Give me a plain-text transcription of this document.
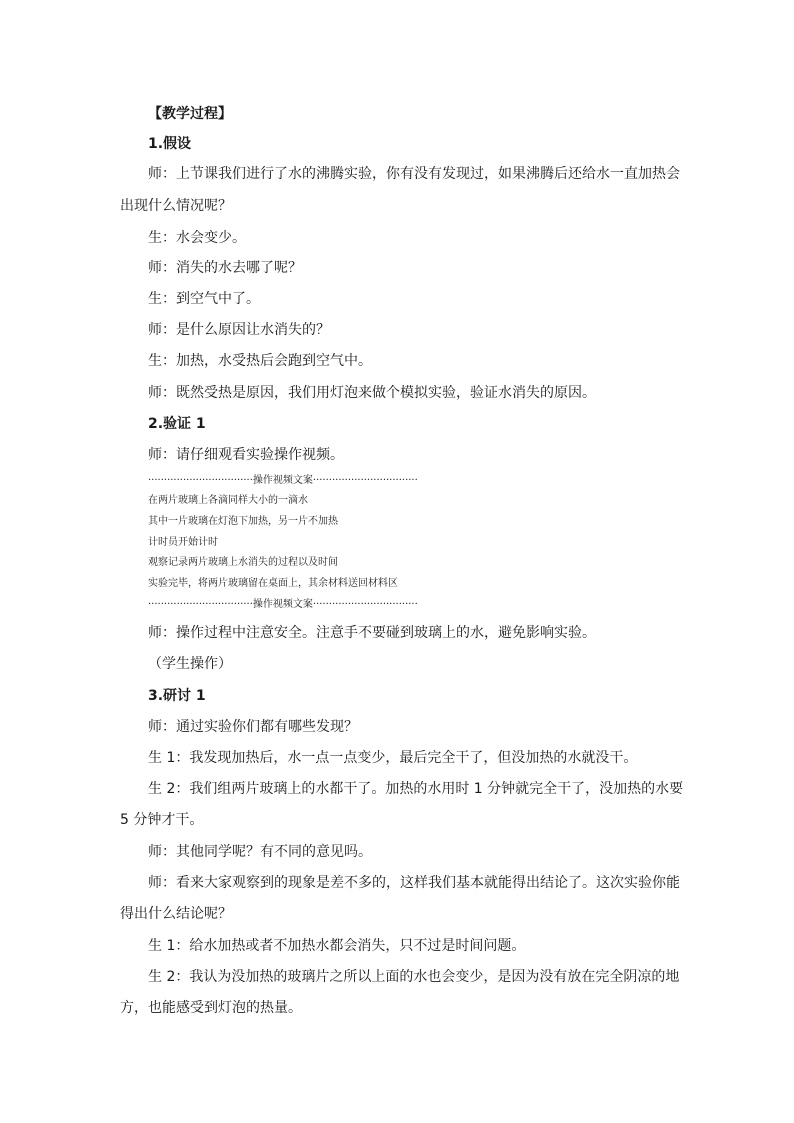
【教学过程】
1.假设
师：上节课我们进行了水的沸腾实验，你有没有发现过，如果沸腾后还给水一直加热会
出现什么情况呢？
生：水会变少。
师：消失的水去哪了呢？
生：到空气中了。
师：是什么原因让水消失的？
生：加热，水受热后会跑到空气中。
师：既然受热是原因，我们用灯泡来做个模拟实验，验证水消失的原因。
2.验证 1
师：请仔细观看实验操作视频。
·································操作视频文案·································
在两片玻璃上各滴同样大小的一滴水
其中一片玻璃在灯泡下加热，另一片不加热
计时员开始计时
观察记录两片玻璃上水消失的过程以及时间
实验完毕，将两片玻璃留在桌面上，其余材料送回材料区
·································操作视频文案·································
师：操作过程中注意安全。注意手不要碰到玻璃上的水，避免影响实验。
（学生操作）
3.研讨 1
师：通过实验你们都有哪些发现？
生 1：我发现加热后，水一点一点变少，最后完全干了，但没加热的水就没干。
生 2：我们组两片玻璃上的水都干了。加热的水用时 1 分钟就完全干了，没加热的水要
5 分钟才干。
师：其他同学呢？有不同的意见吗。
师：看来大家观察到的现象是差不多的，这样我们基本就能得出结论了。这次实验你能
得出什么结论呢？
生 1：给水加热或者不加热水都会消失，只不过是时间问题。
生 2：我认为没加热的玻璃片之所以上面的水也会变少，是因为没有放在完全阴凉的地
方，也能感受到灯泡的热量。
